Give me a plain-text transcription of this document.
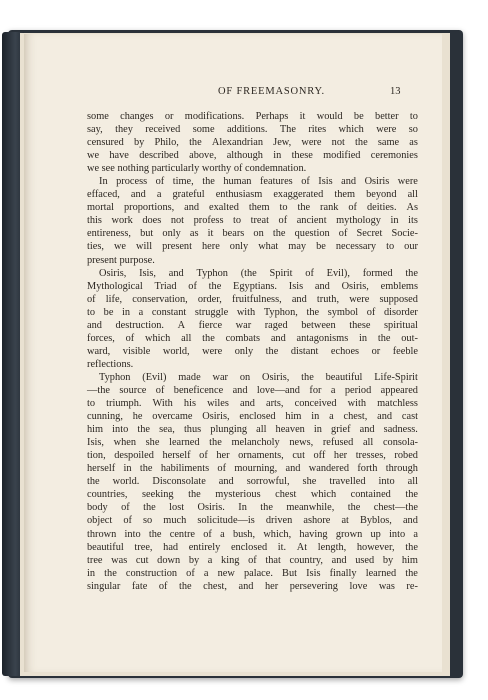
OF FREEMASONRY.	13
some changes or modifications. Perhaps it would be better to
say, they received some additions. The rites which were so
censured by Philo, the Alexandrian Jew, were not the same as
we have described above, although in these modified ceremonies
we see nothing particularly worthy of condemnation.
In process of time, the human features of Isis and Osiris were
effaced, and a grateful enthusiasm exaggerated them beyond all
mortal proportions, and exalted them to the rank of deities. As
this work does not profess to treat of ancient mythology in its
entireness, but only as it bears on the question of Secret Socie-
ties, we will present here only what may be necessary to our
present purpose.
Osiris, Isis, and Typhon (the Spirit of Evil), formed the
Mythological Triad of the Egyptians. Isis and Osiris, emblems
of life, conservation, order, fruitfulness, and truth, were supposed
to be in a constant struggle with Typhon, the symbol of disorder
and destruction. A fierce war raged between these spiritual
forces, of which all the combats and antagonisms in the out-
ward, visible world, were only the distant echoes or feeble
reflections.
Typhon (Evil) made war on Osiris, the beautiful Life-Spirit
—the source of beneficence and love—and for a period appeared
to triumph. With his wiles and arts, conceived with matchless
cunning, he overcame Osiris, enclosed him in a chest, and cast
him into the sea, thus plunging all heaven in grief and sadness.
Isis, when she learned the melancholy news, refused all consola-
tion, despoiled herself of her ornaments, cut off her tresses, robed
herself in the habiliments of mourning, and wandered forth through
the world. Disconsolate and sorrowful, she travelled into all
countries, seeking the mysterious chest which contained the
body of the lost Osiris. In the meanwhile, the chest—the
object of so much solicitude—is driven ashore at Byblos, and
thrown into the centre of a bush, which, having grown up into a
beautiful tree, had entirely enclosed it. At length, however, the
tree was cut down by a king of that country, and used by him
in the construction of a new palace. But Isis finally learned the
singular fate of the chest, and her persevering love was re-
